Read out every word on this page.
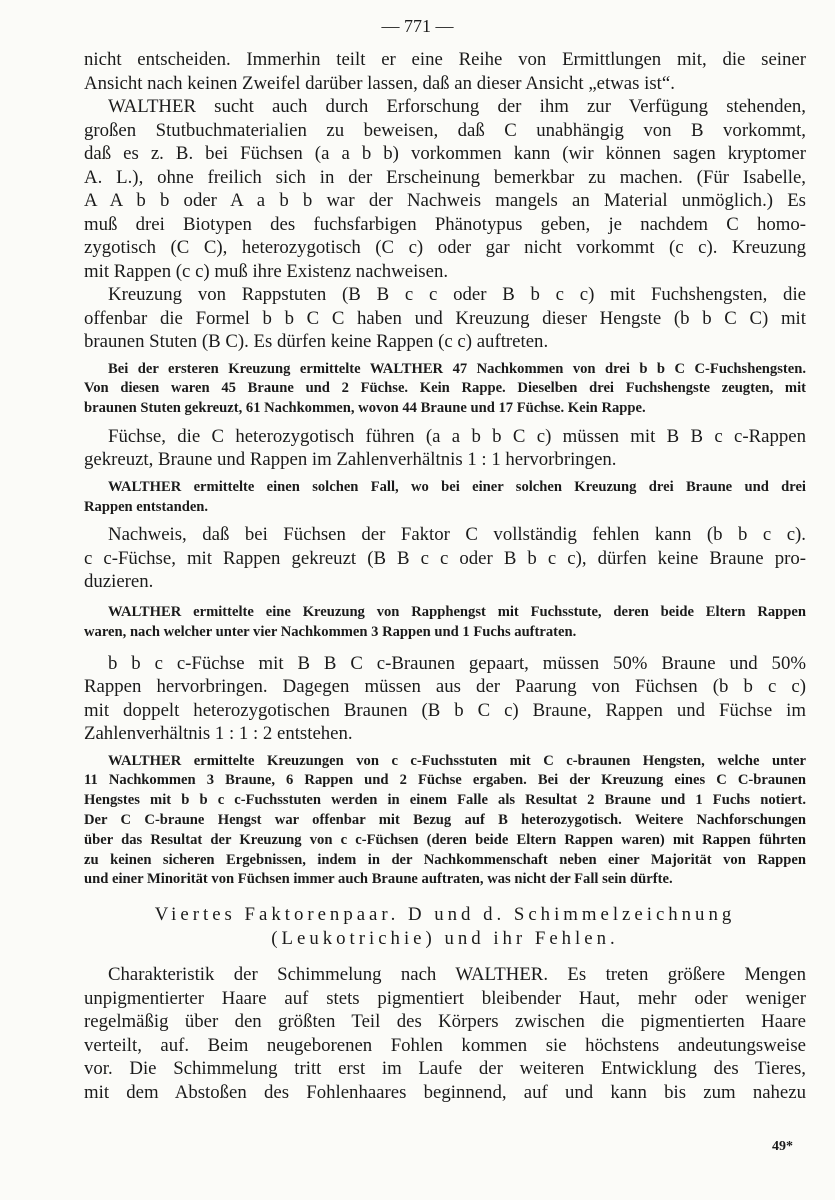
— 771 —
nicht entscheiden. Immerhin teilt er eine Reihe von Ermittlungen mit, die seiner
Ansicht nach keinen Zweifel darüber lassen, daß an dieser Ansicht „etwas ist“.
WALTHER sucht auch durch Erforschung der ihm zur Verfügung stehenden,
großen Stutbuchmaterialien zu beweisen, daß C unabhängig von B vorkommt,
daß es z. B. bei Füchsen (a a b b) vorkommen kann (wir können sagen kryptomer
A. L.), ohne freilich sich in der Erscheinung bemerkbar zu machen. (Für Isabelle,
A A b b oder A a b b war der Nachweis mangels an Material unmöglich.) Es
muß drei Biotypen des fuchsfarbigen Phänotypus geben, je nachdem C homo-
zygotisch (C C), heterozygotisch (C c) oder gar nicht vorkommt (c c). Kreuzung
mit Rappen (c c) muß ihre Existenz nachweisen.
Kreuzung von Rappstuten (B B c c oder B b c c) mit Fuchshengsten, die
offenbar die Formel b b C C haben und Kreuzung dieser Hengste (b b C C) mit
braunen Stuten (B C). Es dürfen keine Rappen (c c) auftreten.
Bei der ersteren Kreuzung ermittelte WALTHER 47 Nachkommen von drei b b C C-Fuchshengsten.
Von diesen waren 45 Braune und 2 Füchse. Kein Rappe. Dieselben drei Fuchshengste zeugten, mit
braunen Stuten gekreuzt, 61 Nachkommen, wovon 44 Braune und 17 Füchse. Kein Rappe.
Füchse, die C heterozygotisch führen (a a b b C c) müssen mit B B c c-Rappen
gekreuzt, Braune und Rappen im Zahlenverhältnis 1 : 1 hervorbringen.
WALTHER ermittelte einen solchen Fall, wo bei einer solchen Kreuzung drei Braune und drei
Rappen entstanden.
Nachweis, daß bei Füchsen der Faktor C vollständig fehlen kann (b b c c).
c c-Füchse, mit Rappen gekreuzt (B B c c oder B b c c), dürfen keine Braune pro-
duzieren.
WALTHER ermittelte eine Kreuzung von Rapphengst mit Fuchsstute, deren beide Eltern Rappen
waren, nach welcher unter vier Nachkommen 3 Rappen und 1 Fuchs auftraten.
b b c c-Füchse mit B B C c-Braunen gepaart, müssen 50% Braune und 50%
Rappen hervorbringen. Dagegen müssen aus der Paarung von Füchsen (b b c c)
mit doppelt heterozygotischen Braunen (B b C c) Braune, Rappen und Füchse im
Zahlenverhältnis 1 : 1 : 2 entstehen.
WALTHER ermittelte Kreuzungen von c c-Fuchsstuten mit C c-braunen Hengsten, welche unter
11 Nachkommen 3 Braune, 6 Rappen und 2 Füchse ergaben. Bei der Kreuzung eines C C-braunen
Hengstes mit b b c c-Fuchsstuten werden in einem Falle als Resultat 2 Braune und 1 Fuchs notiert.
Der C C-braune Hengst war offenbar mit Bezug auf B heterozygotisch. Weitere Nachforschungen
über das Resultat der Kreuzung von c c-Füchsen (deren beide Eltern Rappen waren) mit Rappen führten
zu keinen sicheren Ergebnissen, indem in der Nachkommenschaft neben einer Majorität von Rappen
und einer Minorität von Füchsen immer auch Braune auftraten, was nicht der Fall sein dürfte.
Viertes Faktorenpaar. D und d. Schimmelzeichnung
(Leukotrichie) und ihr Fehlen.
Charakteristik der Schimmelung nach WALTHER. Es treten größere Mengen
unpigmentierter Haare auf stets pigmentiert bleibender Haut, mehr oder weniger
regelmäßig über den größten Teil des Körpers zwischen die pigmentierten Haare
verteilt, auf. Beim neugeborenen Fohlen kommen sie höchstens andeutungsweise
vor. Die Schimmelung tritt erst im Laufe der weiteren Entwicklung des Tieres,
mit dem Abstoßen des Fohlenhaares beginnend, auf und kann bis zum nahezu
49*
